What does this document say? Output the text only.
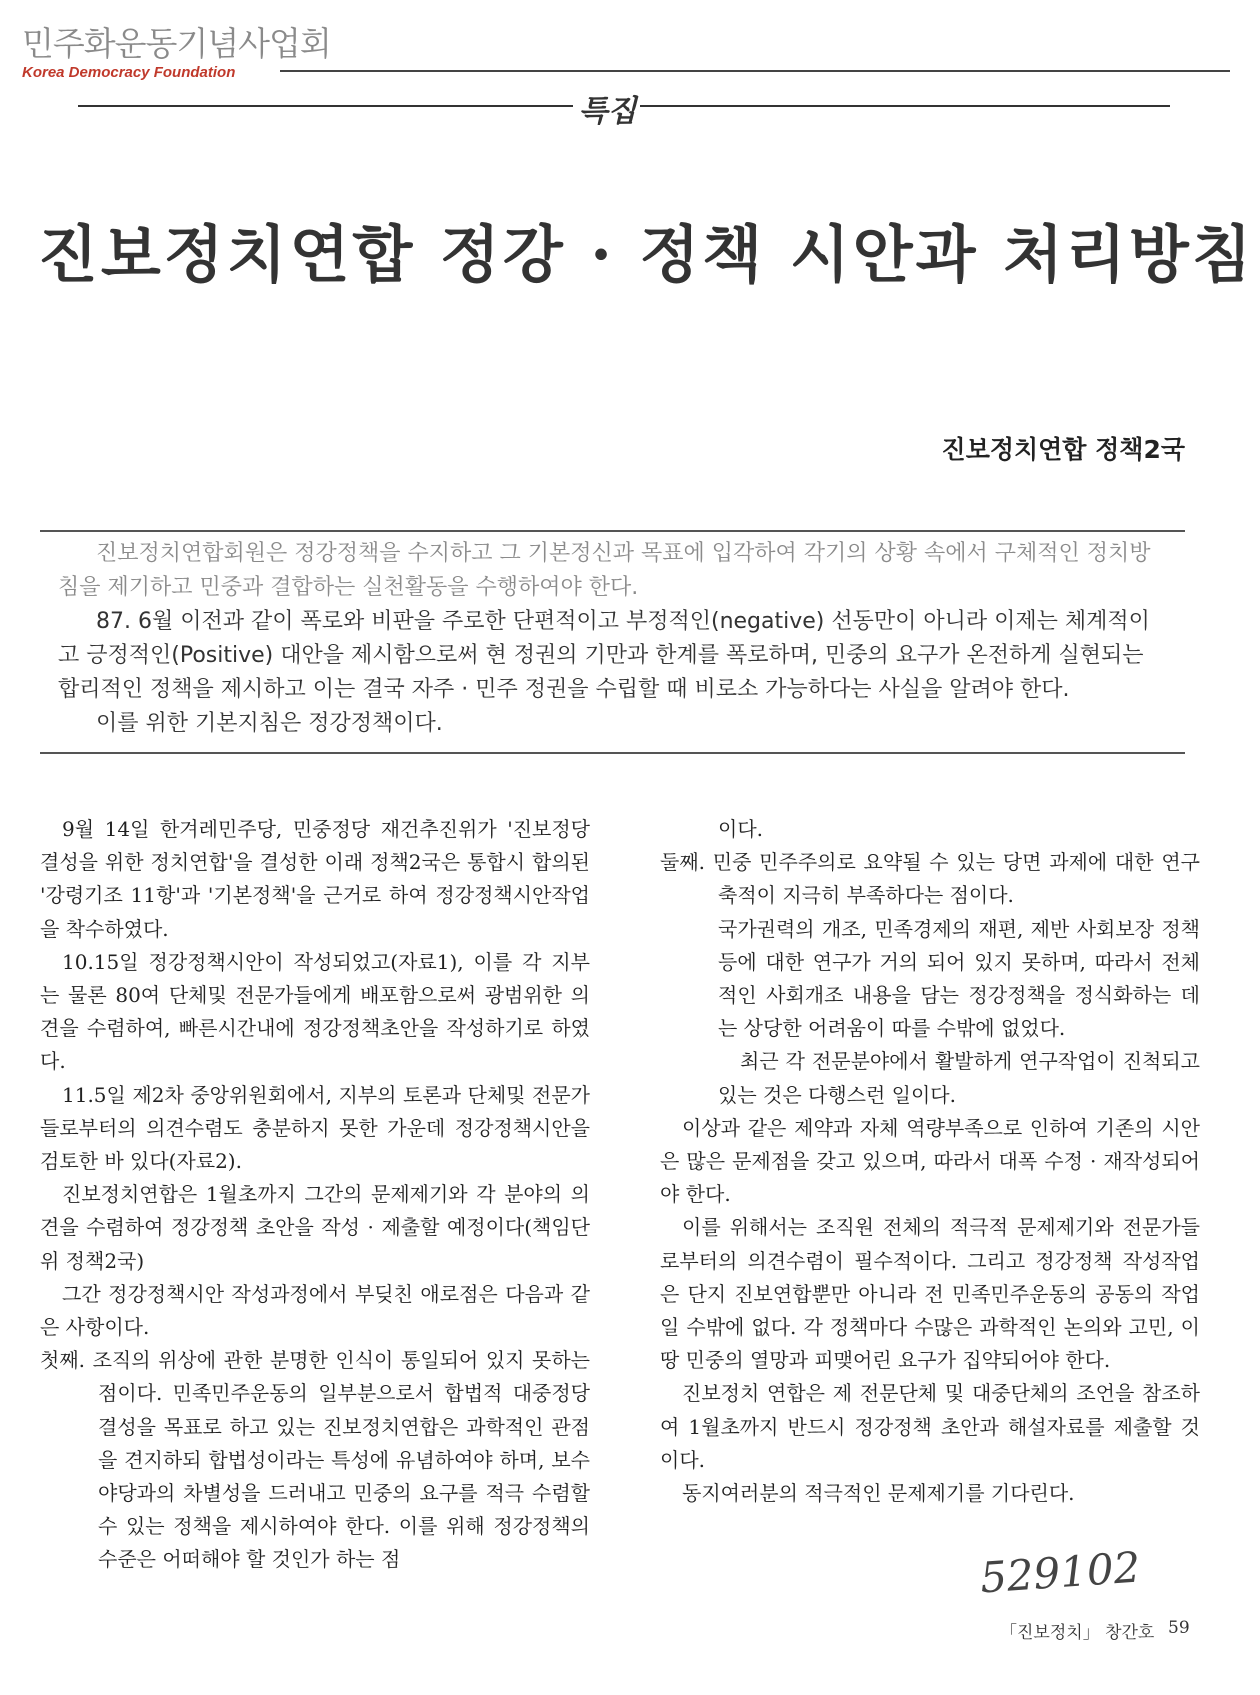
민주화운동기념사업회
Korea Democracy Foundation
특집
진보정치연합 정강 · 정책 시안과 처리방침
진보정치연합 정책2국

진보정치연합회원은 정강정책을 수지하고 그 기본정신과 목표에 입각하여 각기의 상황 속에서 구체적인 정치방침을 제기하고 민중과 결합하는 실천활동을 수행하여야 한다.

87. 6월 이전과 같이 폭로와 비판을 주로한 단편적이고 부정적인(negative) 선동만이 아니라 이제는 체계적이고 긍정적인(Positive) 대안을 제시함으로써 현 정권의 기만과 한계를 폭로하며, 민중의 요구가 온전하게 실현되는 합리적인 정책을 제시하고 이는 결국 자주 · 민주 정권을 수립할 때 비로소 가능하다는 사실을 알려야 한다.

이를 위한 기본지침은 정강정책이다.

9월 14일 한겨레민주당, 민중정당 재건추진위가 '진보정당 결성을 위한 정치연합'을 결성한 이래 정책2국은 통합시 합의된 '강령기조 11항'과 '기본정책'을 근거로 하여 정강정책시안작업을 착수하였다.

10.15일 정강정책시안이 작성되었고(자료1), 이를 각 지부는 물론 80여 단체및 전문가들에게 배포함으로써 광범위한 의견을 수렴하여, 빠른시간내에 정강정책초안을 작성하기로 하였다.

11.5일 제2차 중앙위원회에서, 지부의 토론과 단체및 전문가들로부터의 의견수렴도 충분하지 못한 가운데 정강정책시안을 검토한 바 있다(자료2).

진보정치연합은 1월초까지 그간의 문제제기와 각 분야의 의견을 수렴하여 정강정책 초안을 작성 · 제출할 예정이다(책임단위 정책2국)

그간 정강정책시안 작성과정에서 부딪친 애로점은 다음과 같은 사항이다.

첫째. 조직의 위상에 관한 분명한 인식이 통일되어 있지 못하는 점이다. 민족민주운동의 일부분으로서 합법적 대중정당 결성을 목표로 하고 있는 진보정치연합은 과학적인 관점을 견지하되 합법성이라는 특성에 유념하여야 하며, 보수야당과의 차별성을 드러내고 민중의 요구를 적극 수렴할 수 있는 정책을 제시하여야 한다. 이를 위해 정강정책의 수준은 어떠해야 할 것인가 하는 점

이다.

둘째. 민중 민주주의로 요약될 수 있는 당면 과제에 대한 연구 축적이 지극히 부족하다는 점이다.

국가권력의 개조, 민족경제의 재편, 제반 사회보장 정책등에 대한 연구가 거의 되어 있지 못하며, 따라서 전체적인 사회개조 내용을 담는 정강정책을 정식화하는 데는 상당한 어려움이 따를 수밖에 없었다.

최근 각 전문분야에서 활발하게 연구작업이 진척되고 있는 것은 다행스런 일이다.

이상과 같은 제약과 자체 역량부족으로 인하여 기존의 시안은 많은 문제점을 갖고 있으며, 따라서 대폭 수정 · 재작성되어야 한다.

이를 위해서는 조직원 전체의 적극적 문제제기와 전문가들로부터의 의견수렴이 필수적이다. 그리고 정강정책 작성작업은 단지 진보연합뿐만 아니라 전 민족민주운동의 공동의 작업일 수밖에 없다. 각 정책마다 수많은 과학적인 논의와 고민, 이 땅 민중의 열망과 피맺어린 요구가 집약되어야 한다.

진보정치 연합은 제 전문단체 및 대중단체의 조언을 참조하여 1월초까지 반드시 정강정책 초안과 해설자료를 제출할 것이다.

동지여러분의 적극적인 문제제기를 기다린다.

529102
「진보정치」 창간호 59
